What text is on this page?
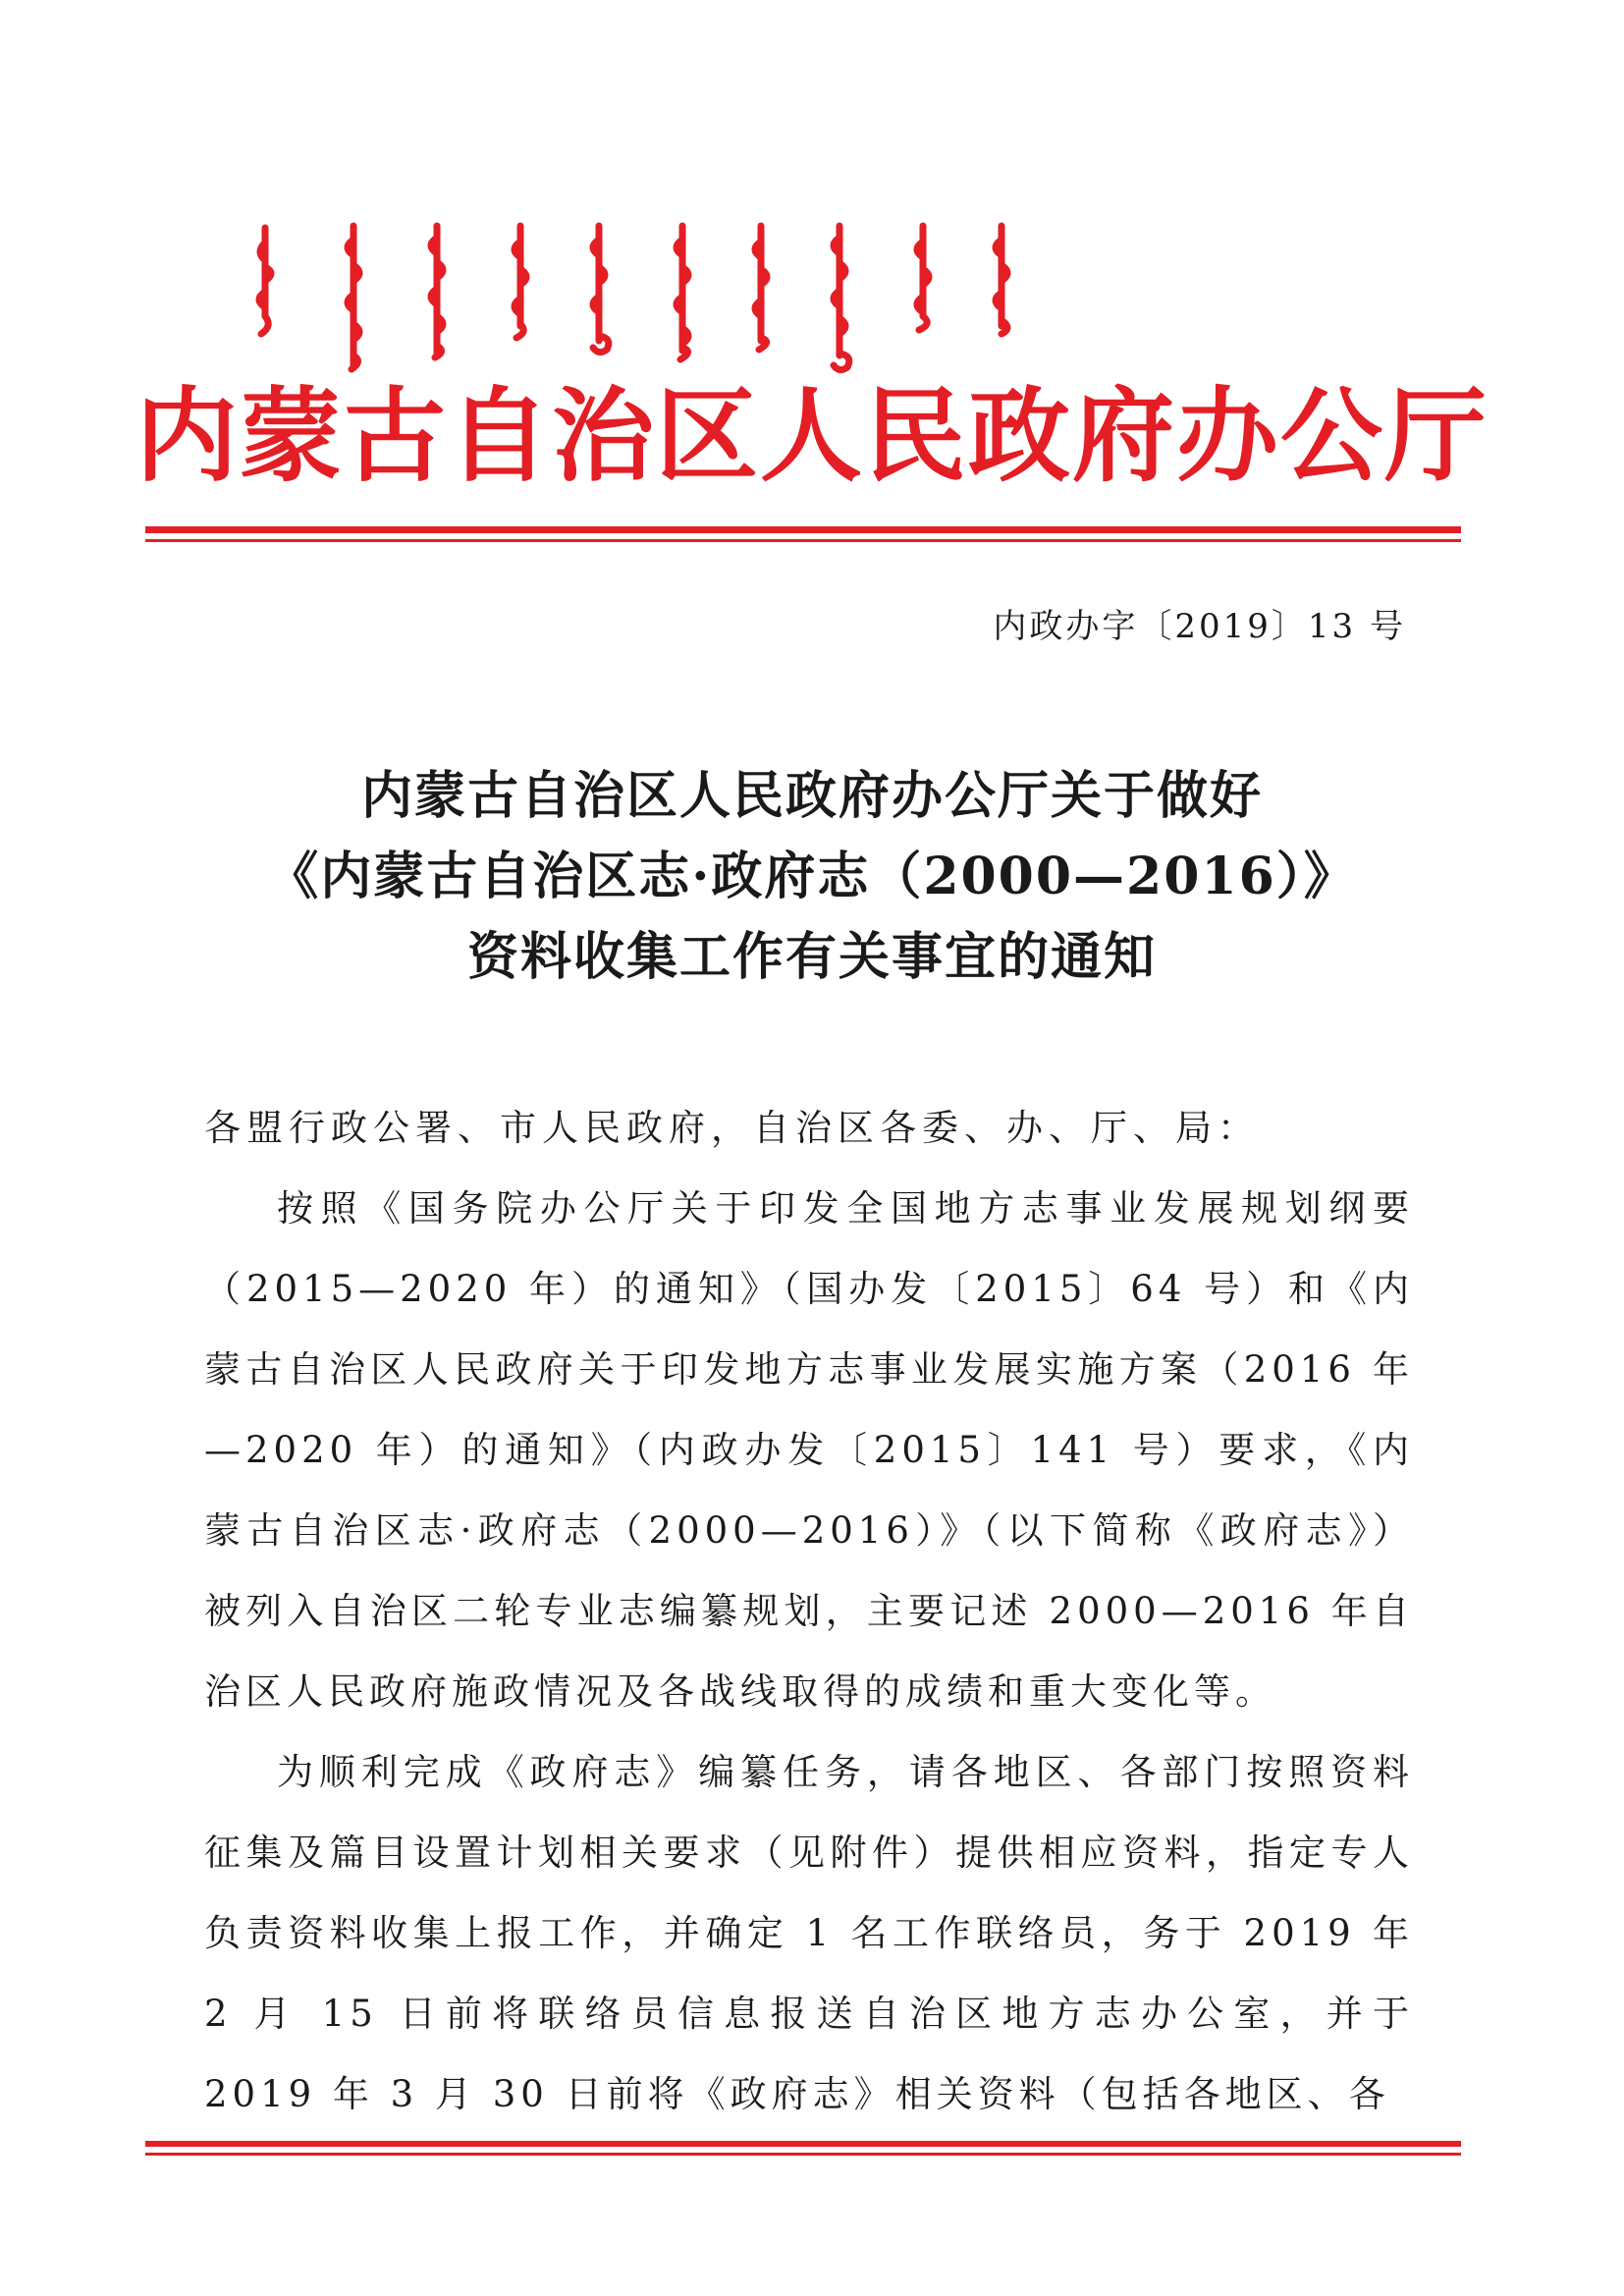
内蒙古自治区人民政府办公厅
内政办字〔2019〕13 号
内蒙古自治区人民政府办公厅关于做好
《内蒙古自治区志·政府志（2000—2016）》
资料收集工作有关事宜的通知
各盟行政公署、市人民政府，自治区各委、办、厅、局：

按照《国务院办公厅关于印发全国地方志事业发展规划纲要（2015—2020 年）的通知》（国办发〔2015〕64 号）和《内蒙古自治区人民政府关于印发地方志事业发展实施方案（2016 年—2020 年）的通知》（内政办发〔2015〕141 号）要求，《内蒙古自治区志·政府志（2000—2016）》（以下简称《政府志》）被列入自治区二轮专业志编纂规划，主要记述 2000—2016 年自治区人民政府施政情况及各战线取得的成绩和重大变化等。

为顺利完成《政府志》编纂任务，请各地区、各部门按照资料征集及篇目设置计划相关要求（见附件）提供相应资料，指定专人负责资料收集上报工作，并确定 1 名工作联络员，务于 2019 年 2 月 15 日前将联络员信息报送自治区地方志办公室，并于 2019 年 3 月 30 日前将《政府志》相关资料（包括各地区、各
